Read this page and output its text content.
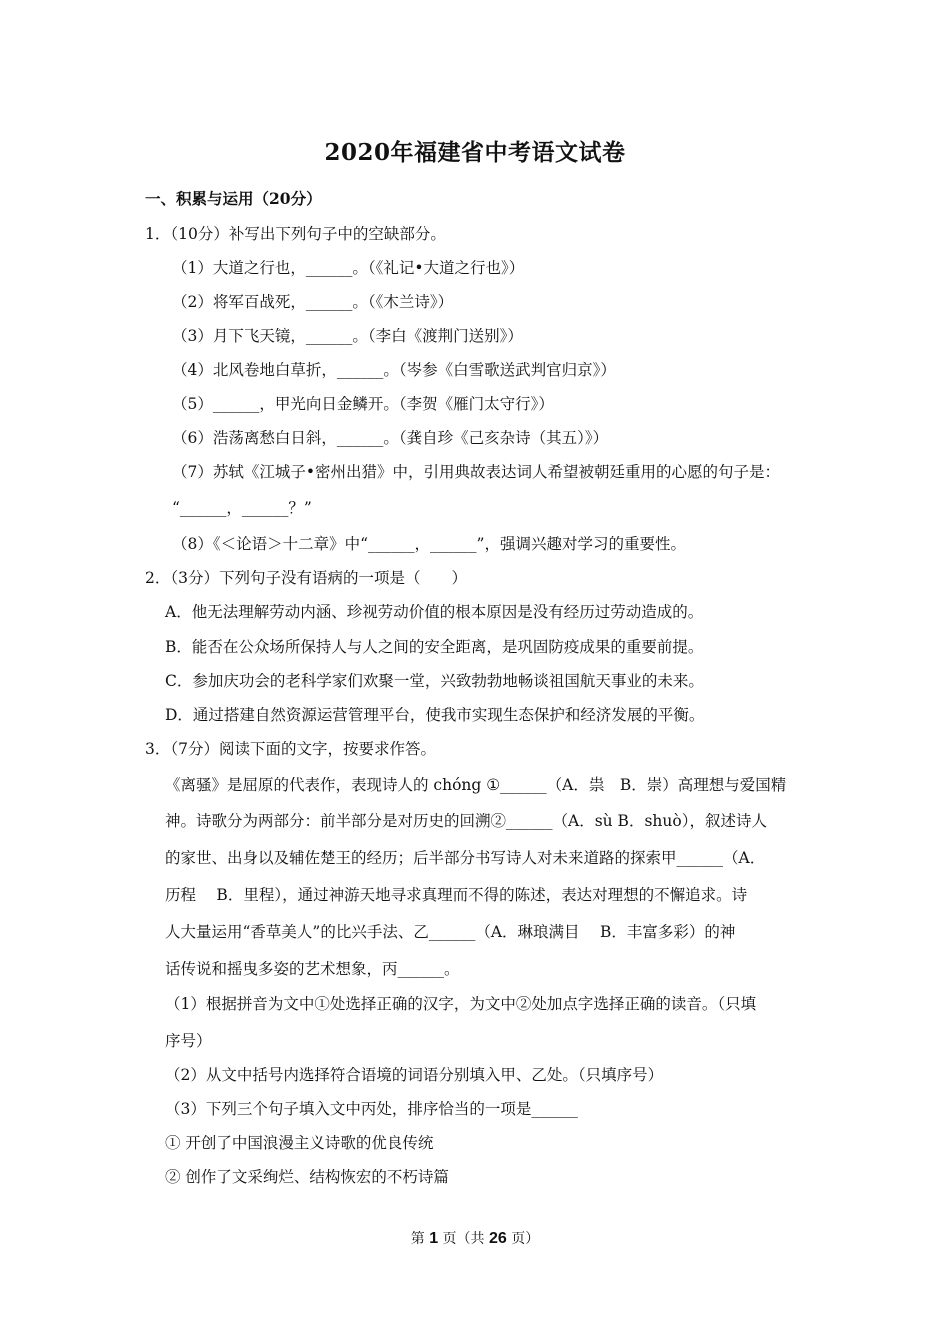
2020年福建省中考语文试卷
一、积累与运用（20分）
1．（10分）补写出下列句子中的空缺部分。
（1）大道之行也，______。（《礼记•大道之行也》）
（2）将军百战死，______。（《木兰诗》）
（3）月下飞天镜，______。（李白《渡荆门送别》）
（4）北风卷地白草折，______。（岑参《白雪歌送武判官归京》）
（5）______，甲光向日金鳞开。（李贺《雁门太守行》）
（6）浩荡离愁白日斜，______。（龚自珍《己亥杂诗（其五）》）
（7）苏轼《江城子•密州出猎》中，引用典故表达词人希望被朝廷重用的心愿的句子是：
“______，______？”
（8）《＜论语＞十二章》中“______，______”，强调兴趣对学习的重要性。
2．（3分）下列句子没有语病的一项是（　　）
A．他无法理解劳动内涵、珍视劳动价值的根本原因是没有经历过劳动造成的。
B．能否在公众场所保持人与人之间的安全距离，是巩固防疫成果的重要前提。
C．参加庆功会的老科学家们欢聚一堂，兴致勃勃地畅谈祖国航天事业的未来。
D．通过搭建自然资源运营管理平台，使我市实现生态保护和经济发展的平衡。
3．（7分）阅读下面的文字，按要求作答。
《离骚》是屈原的代表作，表现诗人的 chóng ①______（A．祟　B．崇）高理想与爱国精
神。诗歌分为两部分：前半部分是对历史的回溯②______（A．sù B．shuò），叙述诗人
的家世、出身以及辅佐楚王的经历；后半部分书写诗人对未来道路的探索甲______（A．
历程　 B．里程），通过神游天地寻求真理而不得的陈述，表达对理想的不懈追求。诗
人大量运用“香草美人”的比兴手法、乙______（A．琳琅满目　 B．丰富多彩）的神
话传说和摇曳多姿的艺术想象，丙______。
（1）根据拼音为文中①处选择正确的汉字，为文中②处加点字选择正确的读音。（只填
序号）
（2）从文中括号内选择符合语境的词语分别填入甲、乙处。（只填序号）
（3）下列三个句子填入文中丙处，排序恰当的一项是______
① 开创了中国浪漫主义诗歌的优良传统
② 创作了文采绚烂、结构恢宏的不朽诗篇
第 1 页（共 26 页）
